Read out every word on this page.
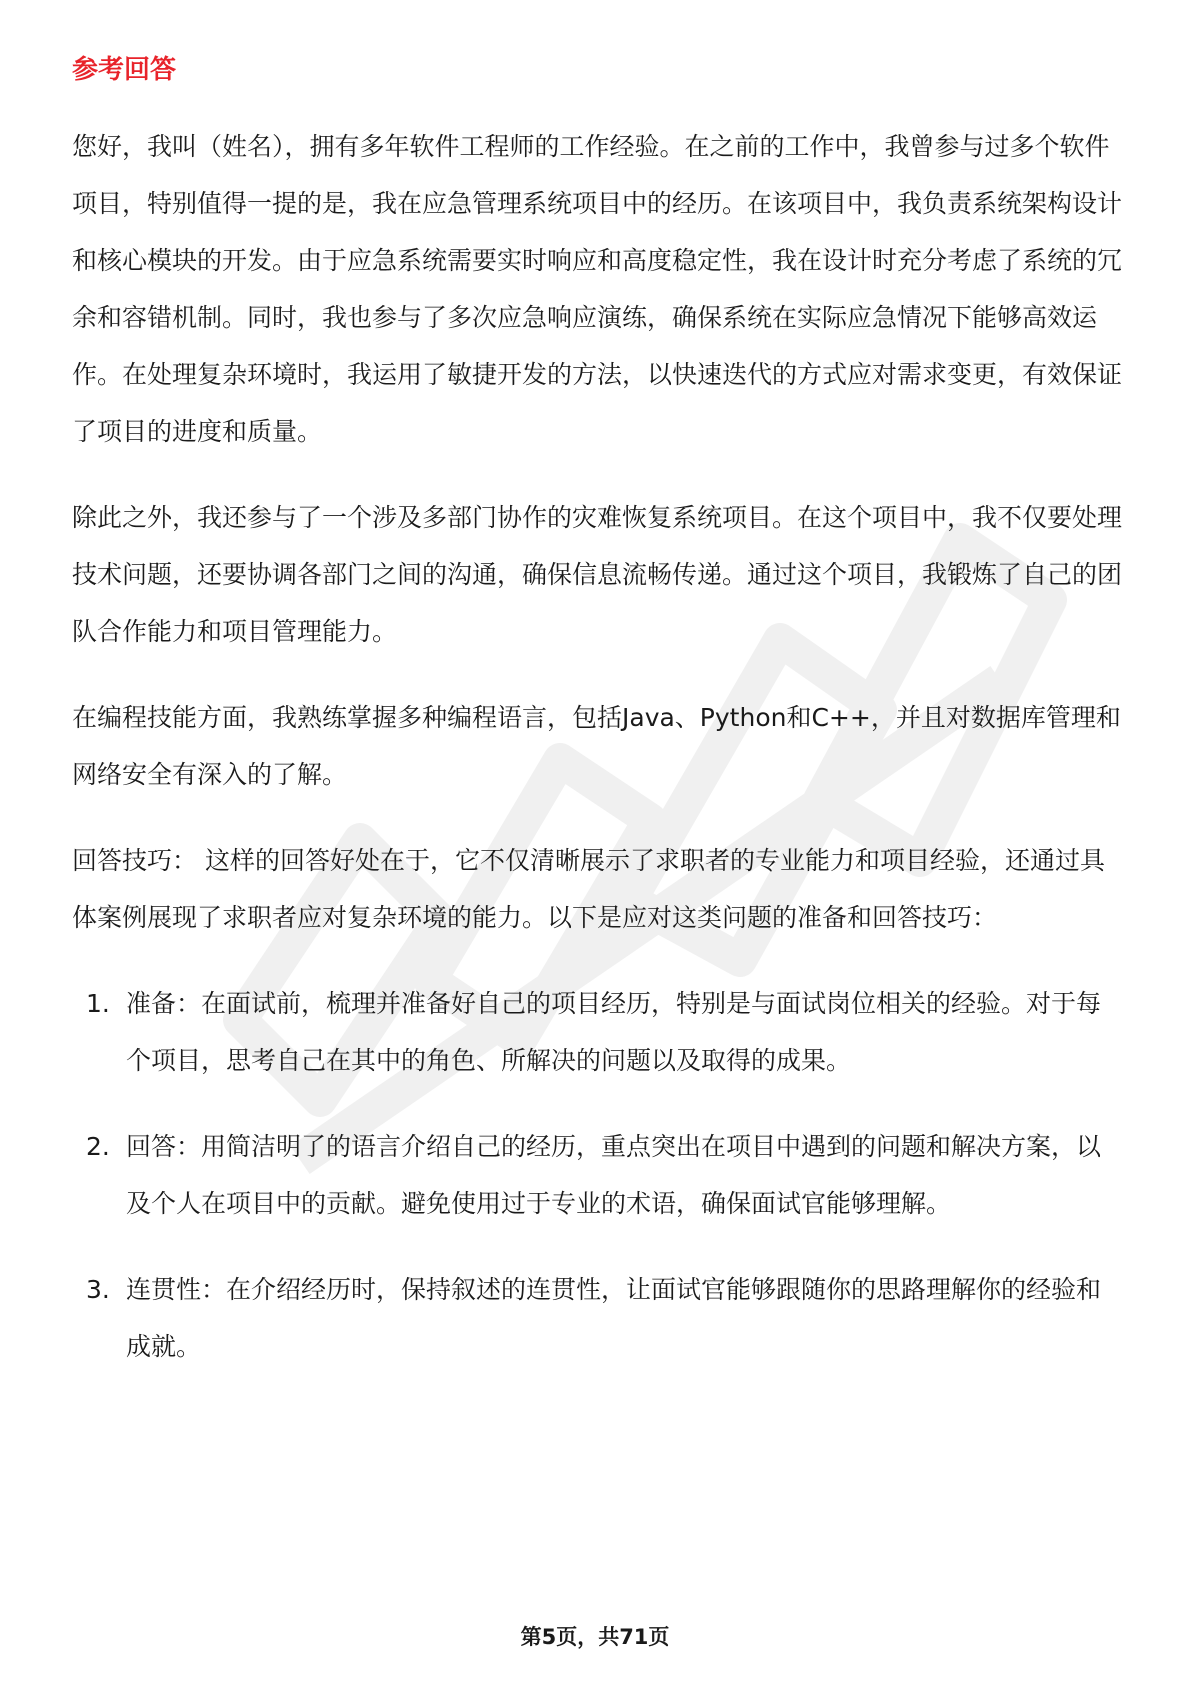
参考回答

您好，我叫（姓名），拥有多年软件工程师的工作经验。在之前的工作中，我曾参与过多个软件项目，特别值得一提的是，我在应急管理系统项目中的经历。在该项目中，我负责系统架构设计和核心模块的开发。由于应急系统需要实时响应和高度稳定性，我在设计时充分考虑了系统的冗余和容错机制。同时，我也参与了多次应急响应演练，确保系统在实际应急情况下能够高效运作。在处理复杂环境时，我运用了敏捷开发的方法，以快速迭代的方式应对需求变更，有效保证了项目的进度和质量。

除此之外，我还参与了一个涉及多部门协作的灾难恢复系统项目。在这个项目中，我不仅要处理技术问题，还要协调各部门之间的沟通，确保信息流畅传递。通过这个项目，我锻炼了自己的团队合作能力和项目管理能力。

在编程技能方面，我熟练掌握多种编程语言，包括Java、Python和C++，并且对数据库管理和网络安全有深入的了解。

回答技巧： 这样的回答好处在于，它不仅清晰展示了求职者的专业能力和项目经验，还通过具体案例展现了求职者应对复杂环境的能力。以下是应对这类问题的准备和回答技巧：

1. 准备：在面试前，梳理并准备好自己的项目经历，特别是与面试岗位相关的经验。对于每个项目，思考自己在其中的角色、所解决的问题以及取得的成果。
2. 回答：用简洁明了的语言介绍自己的经历，重点突出在项目中遇到的问题和解决方案，以及个人在项目中的贡献。避免使用过于专业的术语，确保面试官能够理解。
3. 连贯性：在介绍经历时，保持叙述的连贯性，让面试官能够跟随你的思路理解你的经验和成就。
第5页，共71页
